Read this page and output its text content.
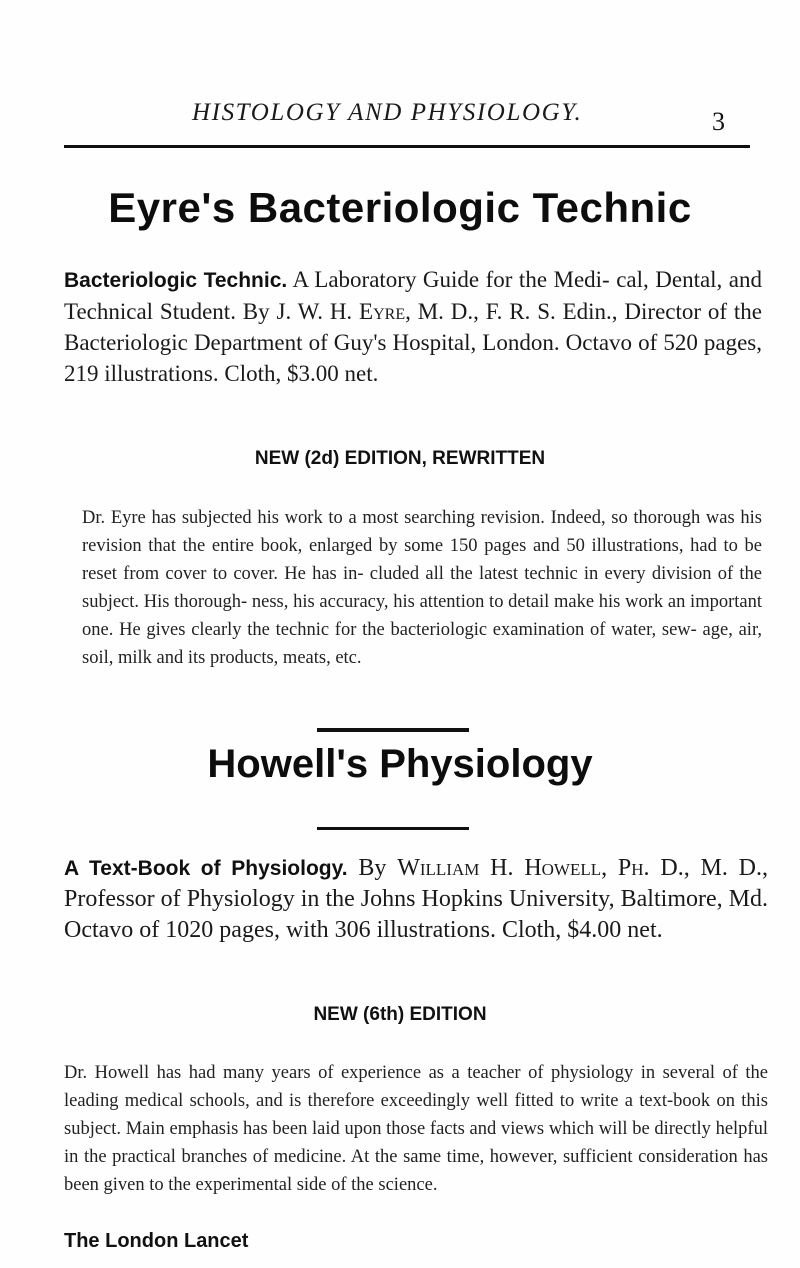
HISTOLOGY AND PHYSIOLOGY.	3
Eyre's Bacteriologic Technic
Bacteriologic Technic. A Laboratory Guide for the Medi- cal, Dental, and Technical Student. By J. W. H. Eyre, M. D., F. R. S. Edin., Director of the Bacteriologic Department of Guy's Hospital, London. Octavo of 520 pages, 219 illustrations. Cloth, $3.00 net.
NEW (2d) EDITION, REWRITTEN
Dr. Eyre has subjected his work to a most searching revision. Indeed, so thorough was his revision that the entire book, enlarged by some 150 pages and 50 illustrations, had to be reset from cover to cover. He has in- cluded all the latest technic in every division of the subject. His thorough- ness, his accuracy, his attention to detail make his work an important one. He gives clearly the technic for the bacteriologic examination of water, sew- age, air, soil, milk and its products, meats, etc.
Howell's Physiology
A Text-Book of Physiology. By William H. Howell, Ph. D., M. D., Professor of Physiology in the Johns Hopkins University, Baltimore, Md. Octavo of 1020 pages, with 306 illustrations. Cloth, $4.00 net.
NEW (6th) EDITION
Dr. Howell has had many years of experience as a teacher of physiology in several of the leading medical schools, and is therefore exceedingly well fitted to write a text-book on this subject. Main emphasis has been laid upon those facts and views which will be directly helpful in the practical branches of medicine. At the same time, however, sufficient consideration has been given to the experimental side of the science.
The London Lancet
